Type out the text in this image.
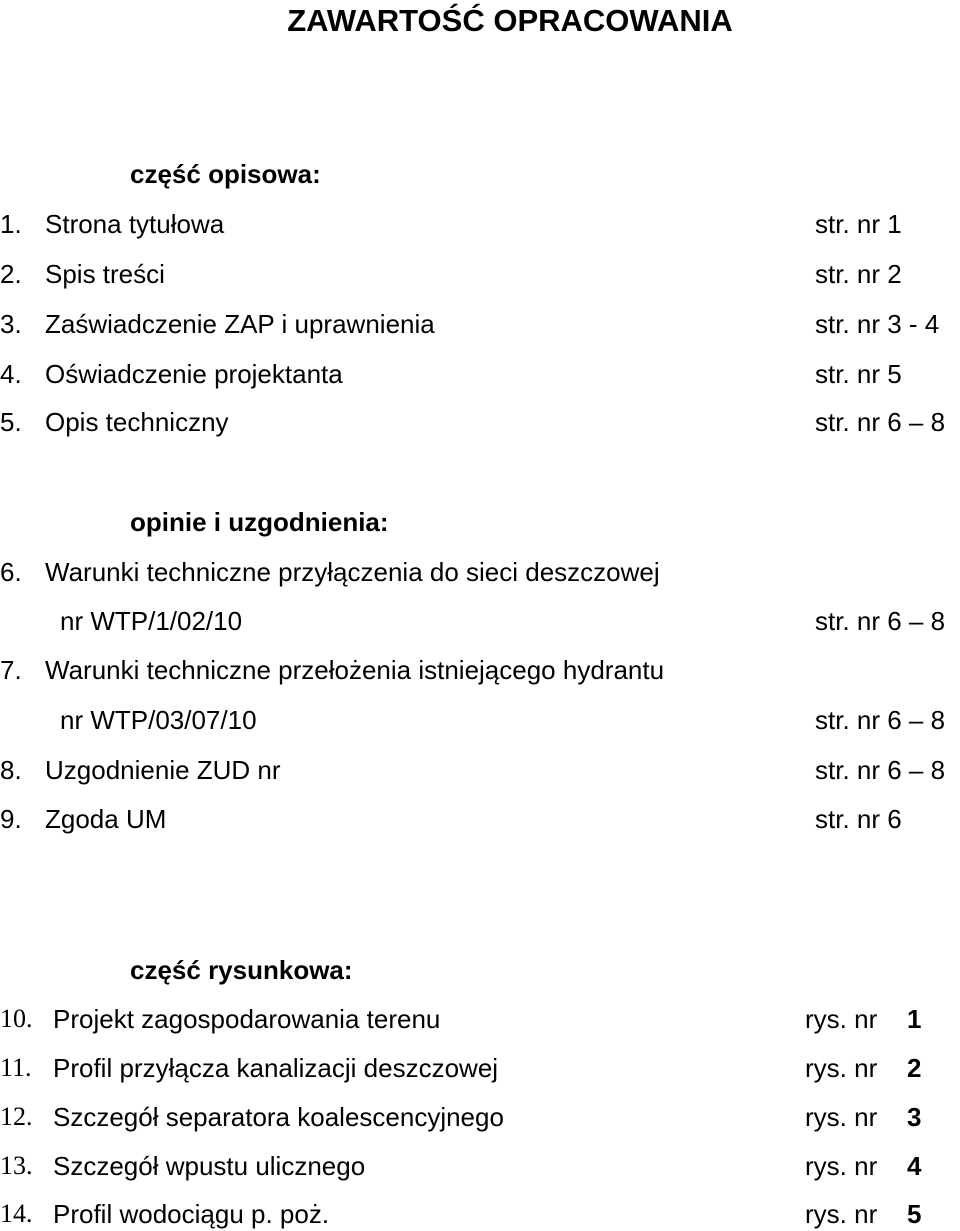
ZAWARTOŚĆ OPRACOWANIA
część opisowa:
1. Strona tytułowa	str. nr 1
2. Spis treści	str. nr 2
3. Zaświadczenie ZAP i uprawnienia	str. nr 3 - 4
4. Oświadczenie projektanta	str. nr 5
5. Opis techniczny	str. nr 6 – 8
opinie i uzgodnienia:
6. Warunki techniczne przyłączenia do sieci deszczowej
nr WTP/1/02/10	str. nr 6 – 8
7. Warunki techniczne przełożenia istniejącego hydrantu
nr WTP/03/07/10	str. nr 6 – 8
8. Uzgodnienie ZUD nr	str. nr 6 – 8
9. Zgoda UM	str. nr 6
część rysunkowa:
10. Projekt zagospodarowania terenu	rys. nr 1
11. Profil przyłącza kanalizacji deszczowej	rys. nr 2
12. Szczegół separatora koalescencyjnego	rys. nr 3
13. Szczegół wpustu ulicznego	rys. nr 4
14. Profil wodociągu p. poż.	rys. nr 5
